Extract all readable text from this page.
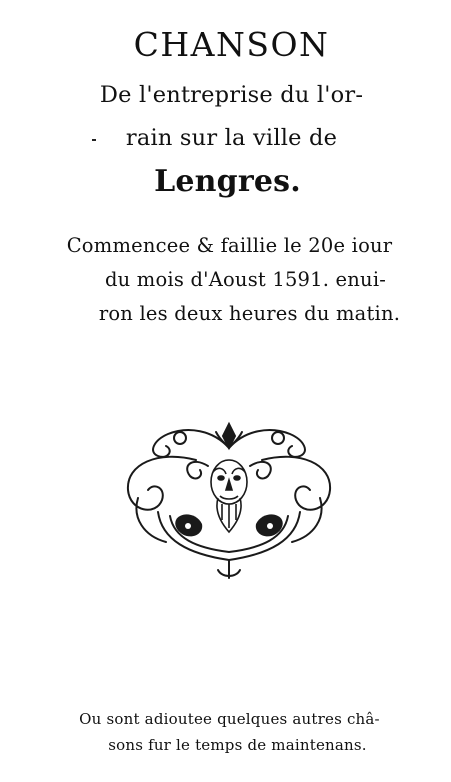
CHANSON
De l'entreprise du l'or-
rain sur la ville de
Lengres.
Commencee & faillie le 20e iour
du mois d'Aoust 1591. enui-
ron les deux heures du matin.
Ou sont adioutee quelques autres châ-
sons fur le temps de maintenans.
